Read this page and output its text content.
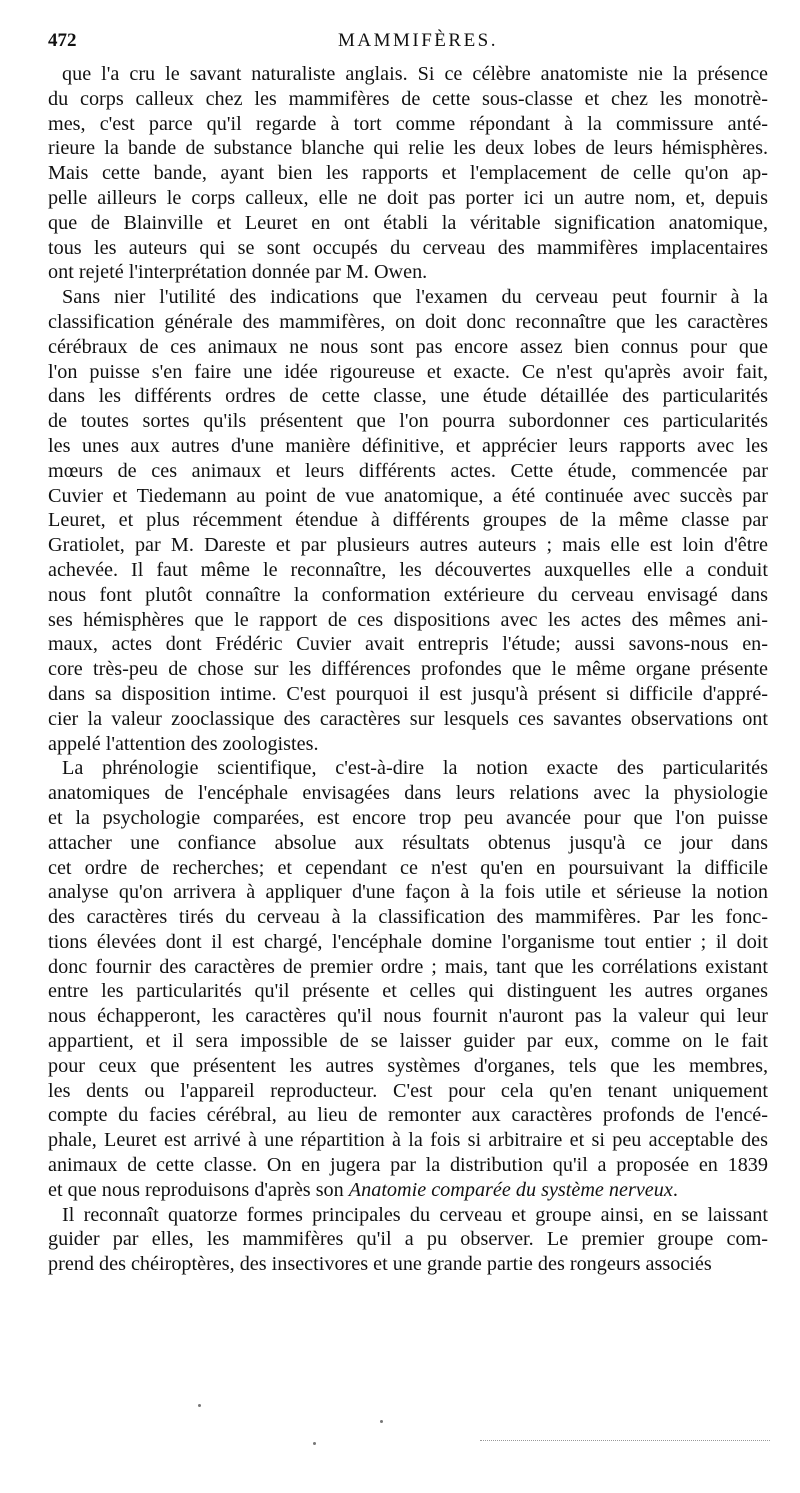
472	MAMMIFÈRES.
que l'a cru le savant naturaliste anglais. Si ce célèbre anatomiste nie la présence
du corps calleux chez les mammifères de cette sous-classe et chez les monotrè-
mes, c'est parce qu'il regarde à tort comme répondant à la commissure anté-
rieure la bande de substance blanche qui relie les deux lobes de leurs hémisphères.
Mais cette bande, ayant bien les rapports et l'emplacement de celle qu'on ap-
pelle ailleurs le corps calleux, elle ne doit pas porter ici un autre nom, et, depuis
que de Blainville et Leuret en ont établi la véritable signification anatomique,
tous les auteurs qui se sont occupés du cerveau des mammifères implacentaires
ont rejeté l'interprétation donnée par M. Owen.
Sans nier l'utilité des indications que l'examen du cerveau peut fournir à la
classification générale des mammifères, on doit donc reconnaître que les caractères
cérébraux de ces animaux ne nous sont pas encore assez bien connus pour que
l'on puisse s'en faire une idée rigoureuse et exacte. Ce n'est qu'après avoir fait,
dans les différents ordres de cette classe, une étude détaillée des particularités
de toutes sortes qu'ils présentent que l'on pourra subordonner ces particularités
les unes aux autres d'une manière définitive, et apprécier leurs rapports avec les
mœurs de ces animaux et leurs différents actes. Cette étude, commencée par
Cuvier et Tiedemann au point de vue anatomique, a été continuée avec succès par
Leuret, et plus récemment étendue à différents groupes de la même classe par
Gratiolet, par M. Dareste et par plusieurs autres auteurs ; mais elle est loin d'être
achevée. Il faut même le reconnaître, les découvertes auxquelles elle a conduit
nous font plutôt connaître la conformation extérieure du cerveau envisagé dans
ses hémisphères que le rapport de ces dispositions avec les actes des mêmes ani-
maux, actes dont Frédéric Cuvier avait entrepris l'étude; aussi savons-nous en-
core très-peu de chose sur les différences profondes que le même organe présente
dans sa disposition intime. C'est pourquoi il est jusqu'à présent si difficile d'appré-
cier la valeur zooclassique des caractères sur lesquels ces savantes observations ont
appelé l'attention des zoologistes.
La phrénologie scientifique, c'est-à-dire la notion exacte des particularités
anatomiques de l'encéphale envisagées dans leurs relations avec la physiologie
et la psychologie comparées, est encore trop peu avancée pour que l'on puisse
attacher une confiance absolue aux résultats obtenus jusqu'à ce jour dans
cet ordre de recherches; et cependant ce n'est qu'en en poursuivant la difficile
analyse qu'on arrivera à appliquer d'une façon à la fois utile et sérieuse la notion
des caractères tirés du cerveau à la classification des mammifères. Par les fonc-
tions élevées dont il est chargé, l'encéphale domine l'organisme tout entier ; il doit
donc fournir des caractères de premier ordre ; mais, tant que les corrélations existant
entre les particularités qu'il présente et celles qui distinguent les autres organes
nous échapperont, les caractères qu'il nous fournit n'auront pas la valeur qui leur
appartient, et il sera impossible de se laisser guider par eux, comme on le fait
pour ceux que présentent les autres systèmes d'organes, tels que les membres,
les dents ou l'appareil reproducteur. C'est pour cela qu'en tenant uniquement
compte du facies cérébral, au lieu de remonter aux caractères profonds de l'encé-
phale, Leuret est arrivé à une répartition à la fois si arbitraire et si peu acceptable des
animaux de cette classe. On en jugera par la distribution qu'il a proposée en 1839
et que nous reproduisons d'après son Anatomie comparée du système nerveux.
Il reconnaît quatorze formes principales du cerveau et groupe ainsi, en se laissant
guider par elles, les mammifères qu'il a pu observer. Le premier groupe com-
prend des chéiroptères, des insectivores et une grande partie des rongeurs associés
